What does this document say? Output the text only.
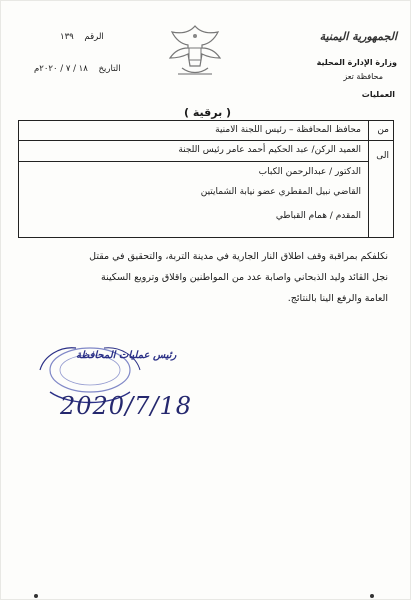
الجمهورية اليمنية
وزارة الإدارة المحلية
محافظة تعز
العمليات
الرقم ١٣٩
التاريخ ١٨ / ٧ / ٢٠٢٠م
( برقية )
من
محافظ المحافظة – رئيس اللجنة الامنية
الى
العميد الركن/ عبد الحكيم أحمد عامر رئيس اللجنة
الدكتور / عبدالرحمن الكباب
القاضي نبيل المقطري عضو نيابة الشمايتين
المقدم / همام القباطي
نكلفكم بمراقبة وقف اطلاق النار الجارية في مدينة التربة، والتحقيق في مقتل
نجل القائد وليد الذبحاني واصابة عدد من المواطنين واقلاق وترويع السكينة
العامة والرفع الينا بالنتائج.
رئيس عمليات المحافظة
2020/7/18
